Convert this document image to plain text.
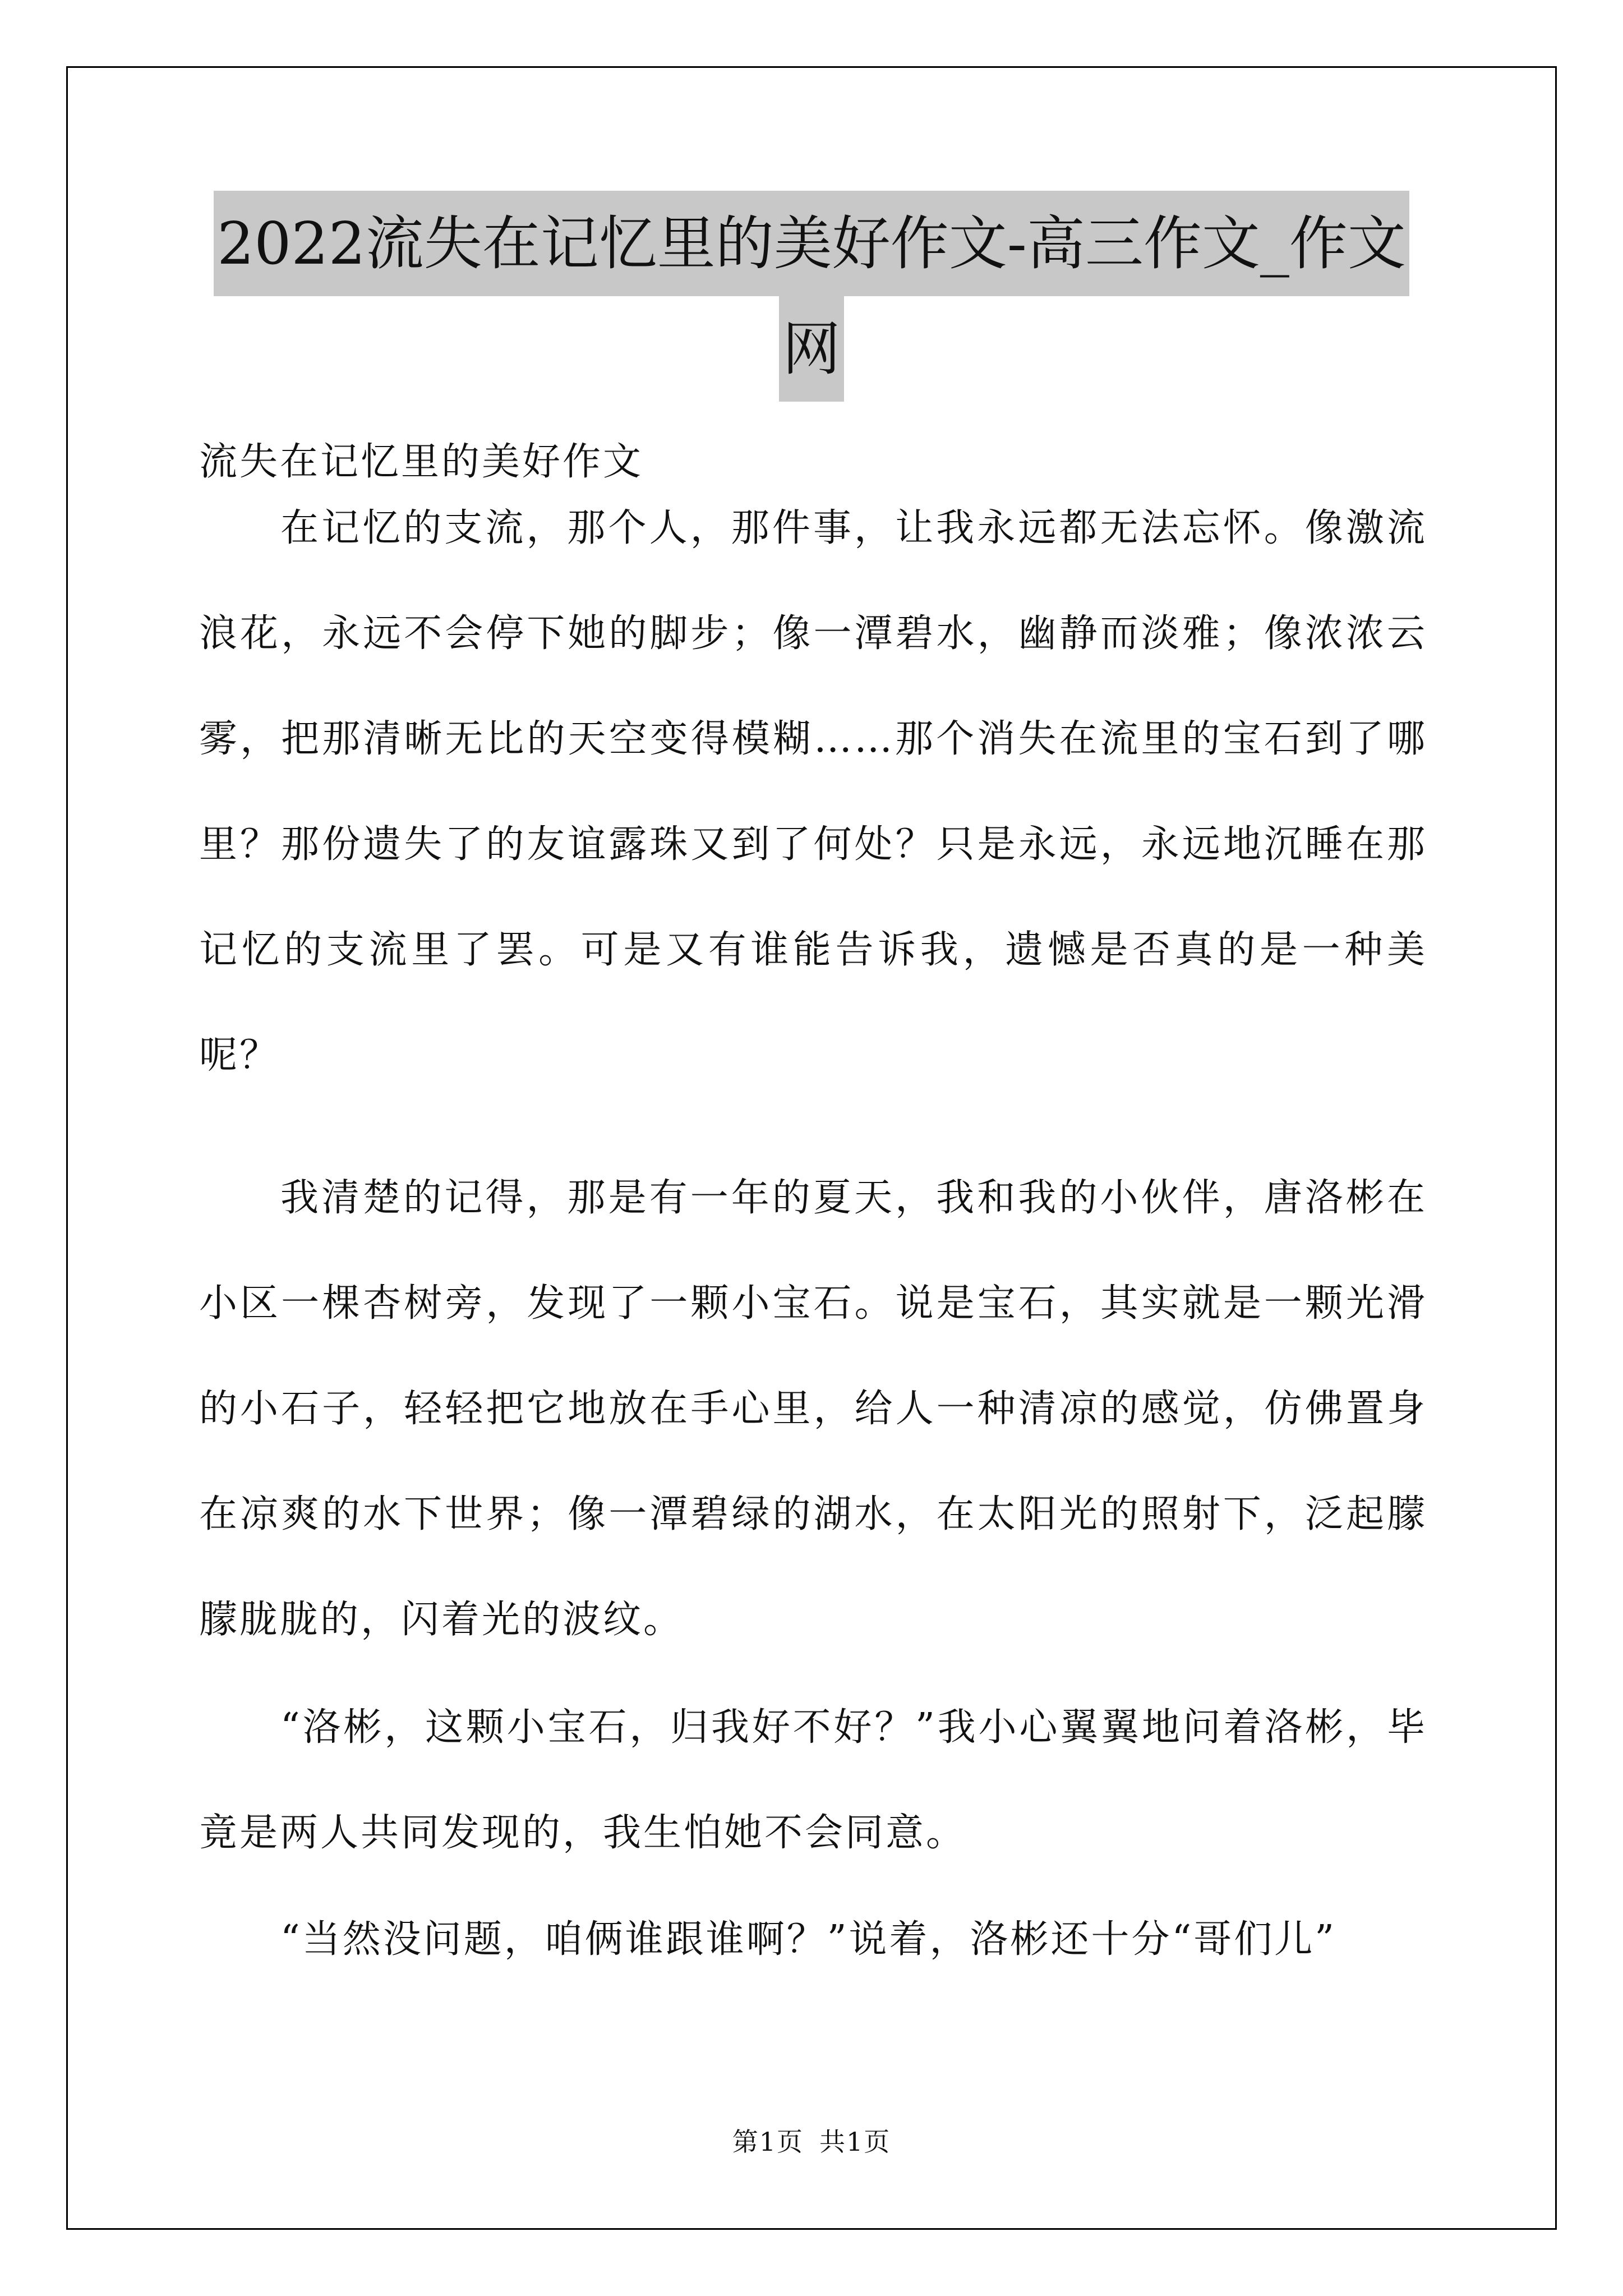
2022流失在记忆里的美好作文-高三作文_作文
网
流失在记忆里的美好作文

在记忆的支流，那个人，那件事，让我永远都无法忘怀。像激流浪花，永远不会停下她的脚步；像一潭碧水，幽静而淡雅；像浓浓云雾，把那清晰无比的天空变得模糊……那个消失在流里的宝石到了哪里？那份遗失了的友谊露珠又到了何处？只是永远，永远地沉睡在那记忆的支流里了罢。可是又有谁能告诉我，遗憾是否真的是一种美呢？

我清楚的记得，那是有一年的夏天，我和我的小伙伴，唐洛彬在小区一棵杏树旁，发现了一颗小宝石。说是宝石，其实就是一颗光滑的小石子，轻轻把它地放在手心里，给人一种清凉的感觉，仿佛置身在凉爽的水下世界；像一潭碧绿的湖水，在太阳光的照射下，泛起朦朦胧胧的，闪着光的波纹。

“洛彬，这颗小宝石，归我好不好？”我小心翼翼地问着洛彬，毕竟是两人共同发现的，我生怕她不会同意。

“当然没问题，咱俩谁跟谁啊？”说着，洛彬还十分“哥们儿”

第1页 共1页
